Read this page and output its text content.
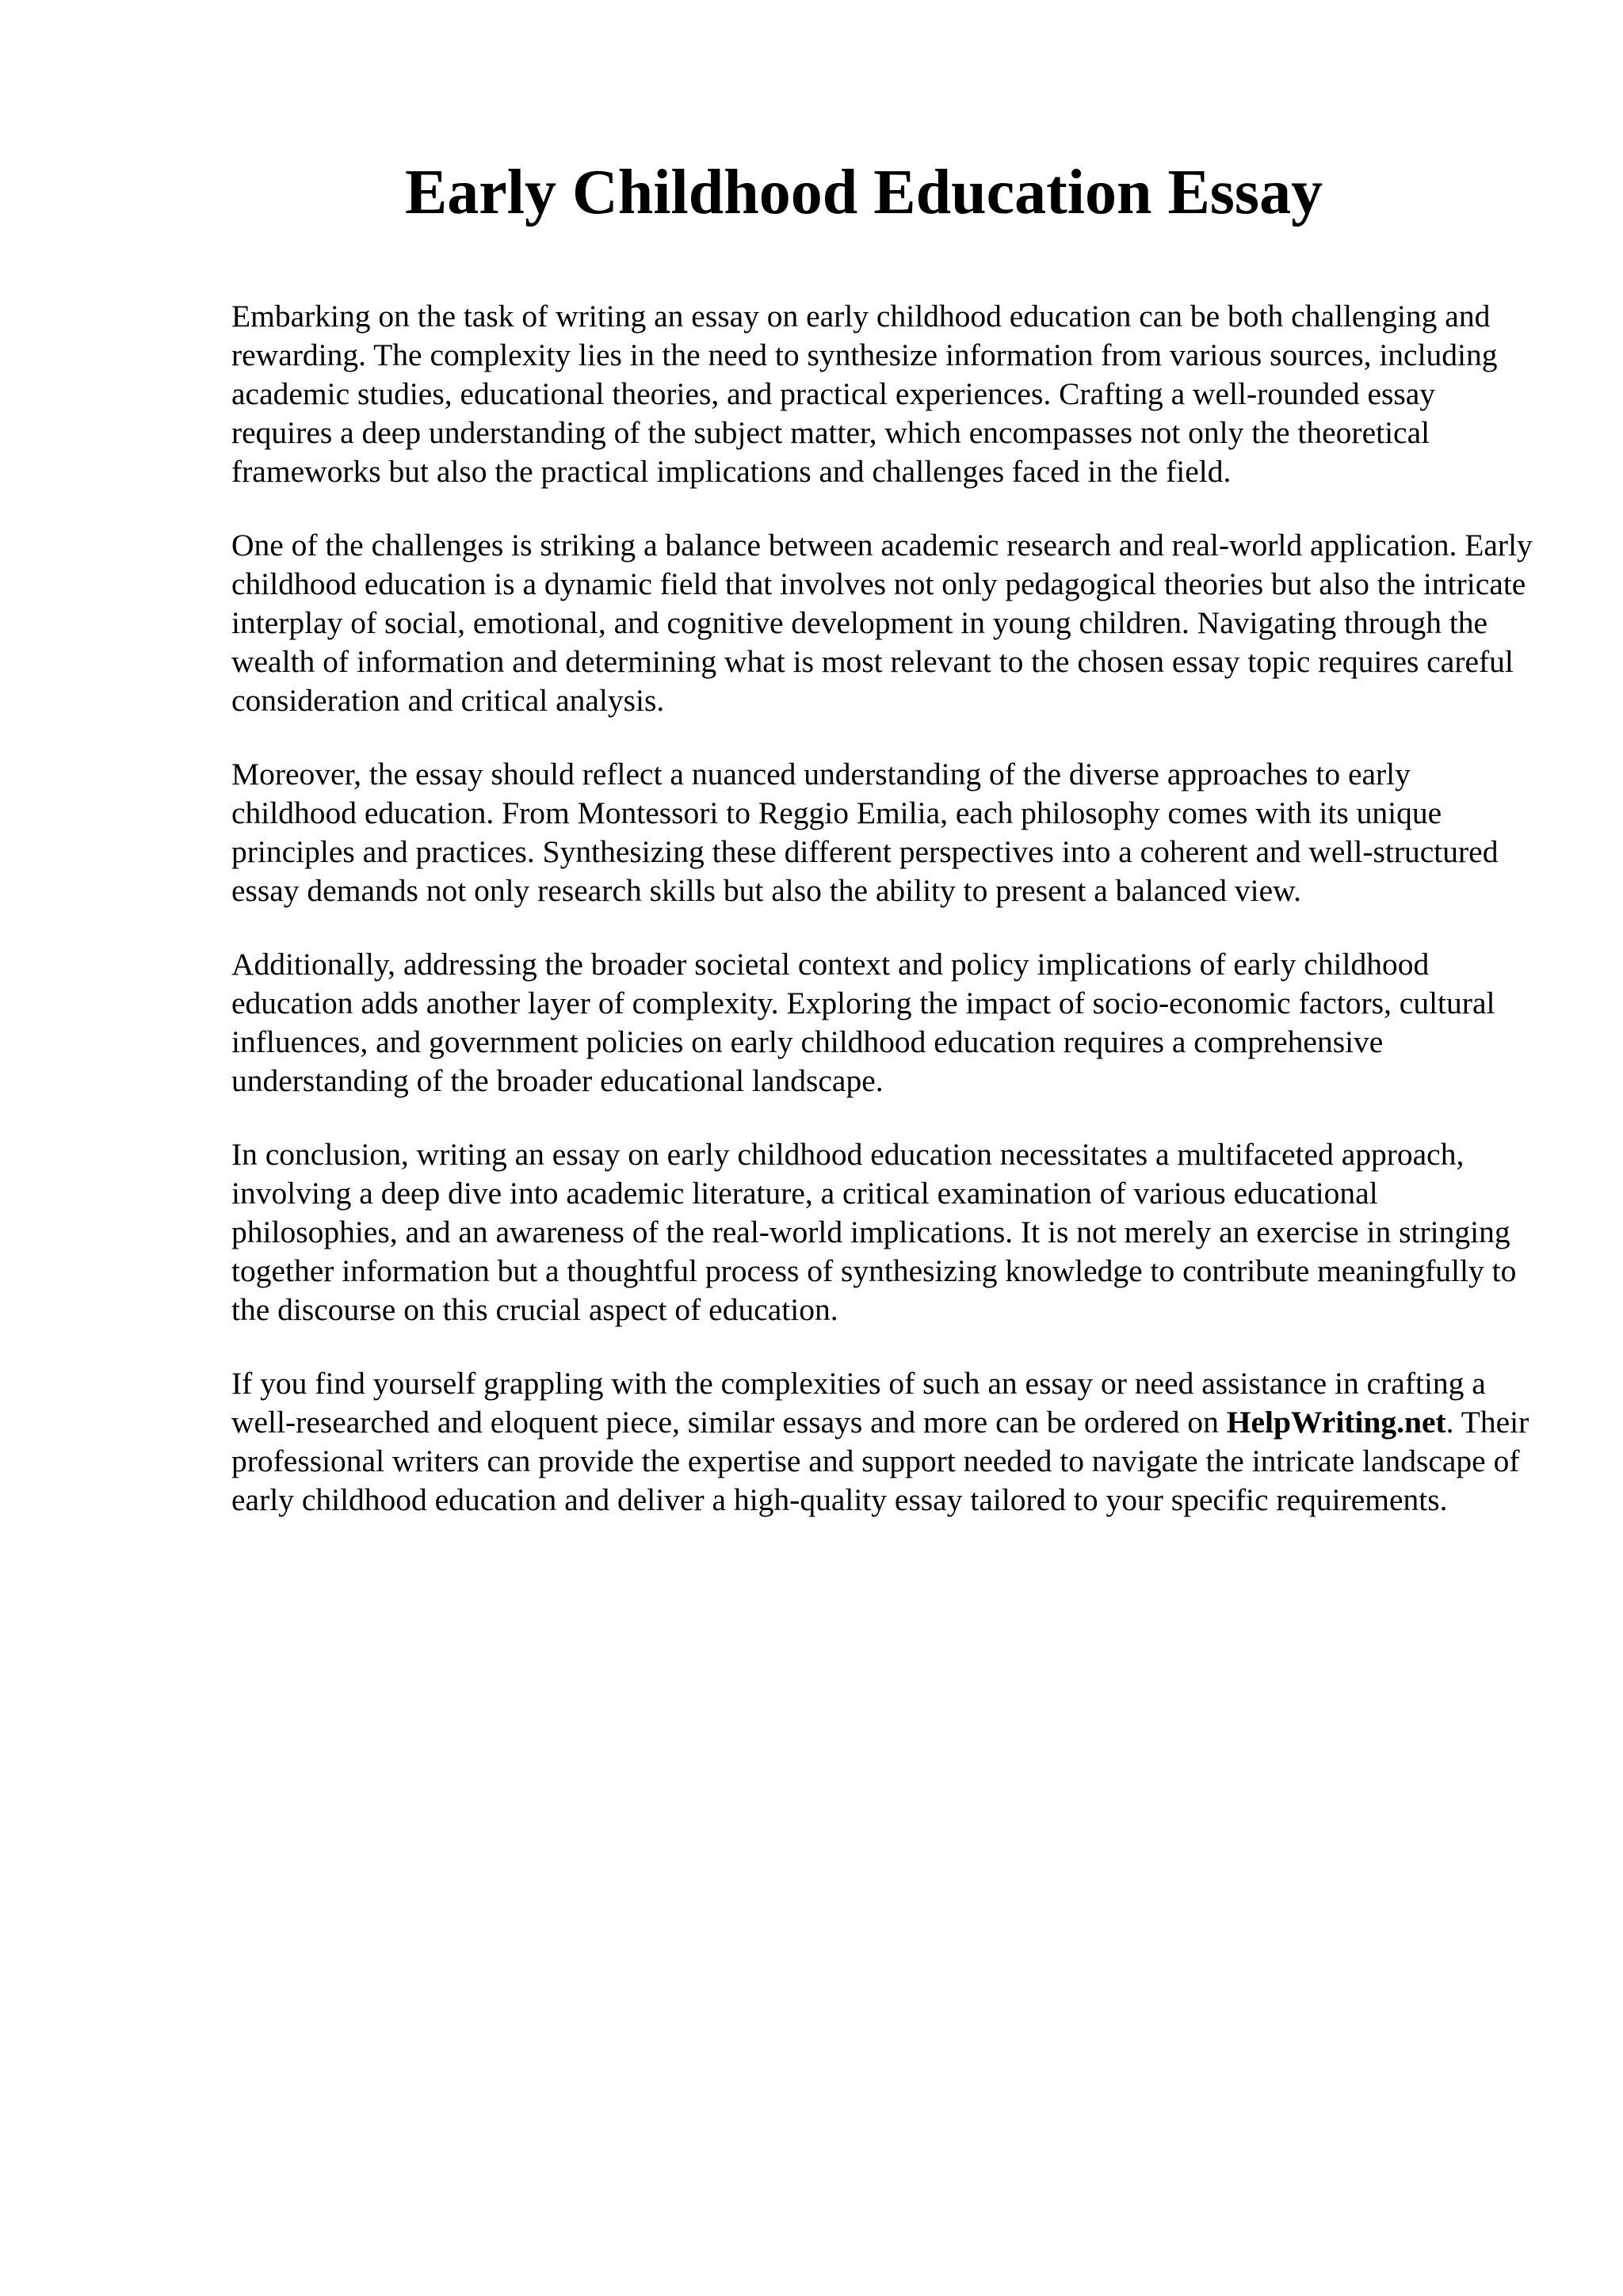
Early Childhood Education Essay

Embarking on the task of writing an essay on early childhood education can be both challenging and rewarding. The complexity lies in the need to synthesize information from various sources, including academic studies, educational theories, and practical experiences. Crafting a well-rounded essay requires a deep understanding of the subject matter, which encompasses not only the theoretical frameworks but also the practical implications and challenges faced in the field.

One of the challenges is striking a balance between academic research and real-world application. Early childhood education is a dynamic field that involves not only pedagogical theories but also the intricate interplay of social, emotional, and cognitive development in young children. Navigating through the wealth of information and determining what is most relevant to the chosen essay topic requires careful consideration and critical analysis.

Moreover, the essay should reflect a nuanced understanding of the diverse approaches to early childhood education. From Montessori to Reggio Emilia, each philosophy comes with its unique principles and practices. Synthesizing these different perspectives into a coherent and well-structured essay demands not only research skills but also the ability to present a balanced view.

Additionally, addressing the broader societal context and policy implications of early childhood education adds another layer of complexity. Exploring the impact of socio-economic factors, cultural influences, and government policies on early childhood education requires a comprehensive understanding of the broader educational landscape.

In conclusion, writing an essay on early childhood education necessitates a multifaceted approach, involving a deep dive into academic literature, a critical examination of various educational philosophies, and an awareness of the real-world implications. It is not merely an exercise in stringing together information but a thoughtful process of synthesizing knowledge to contribute meaningfully to the discourse on this crucial aspect of education.

If you find yourself grappling with the complexities of such an essay or need assistance in crafting a well-researched and eloquent piece, similar essays and more can be ordered on HelpWriting.net. Their professional writers can provide the expertise and support needed to navigate the intricate landscape of early childhood education and deliver a high-quality essay tailored to your specific requirements.
